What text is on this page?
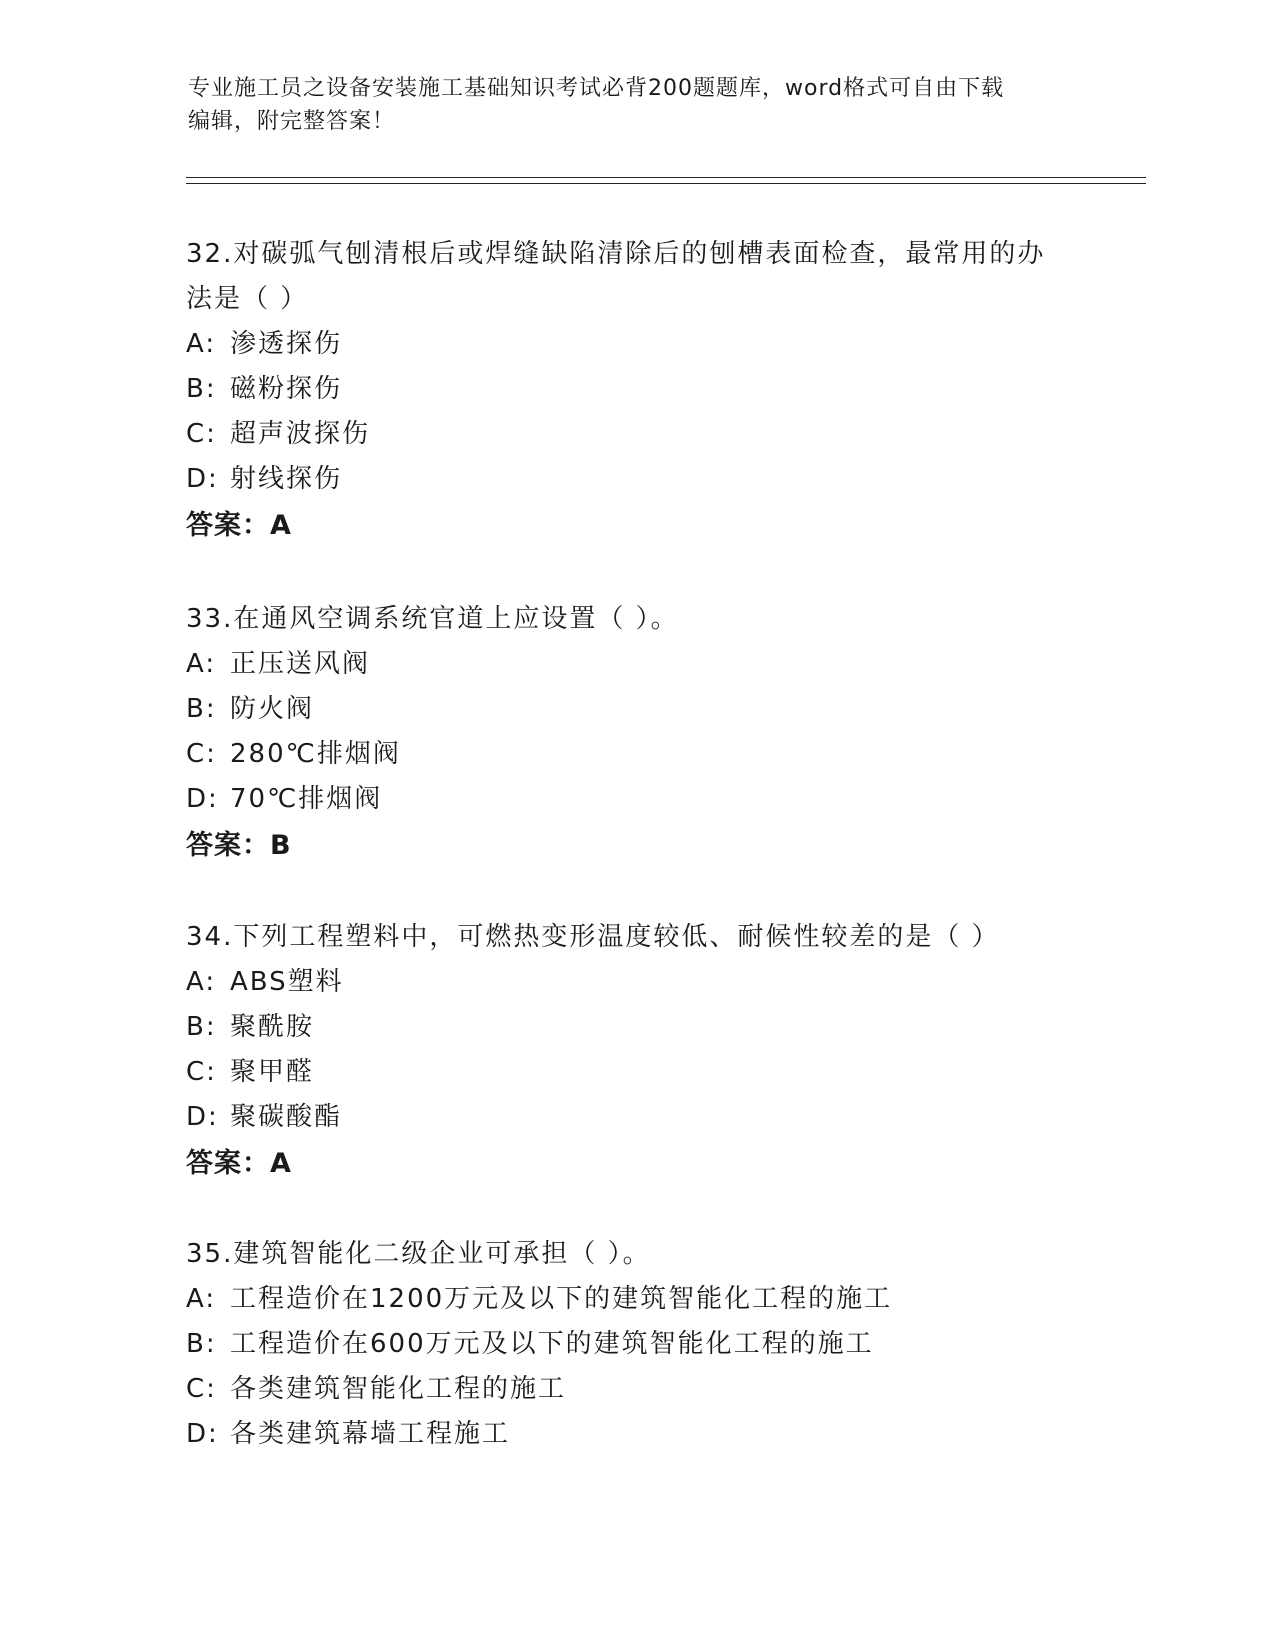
专业施工员之设备安装施工基础知识考试必背200题题库，word格式可自由下载
编辑，附完整答案！

32.对碳弧气刨清根后或焊缝缺陷清除后的刨槽表面检查，最常用的办

法是（ ）

A: 渗透探伤

B: 磁粉探伤

C: 超声波探伤

D: 射线探伤

答案：A

33.在通风空调系统官道上应设置（ ）。

A: 正压送风阀

B: 防火阀

C: 280℃排烟阀

D: 70℃排烟阀

答案：B

34.下列工程塑料中，可燃热变形温度较低、耐候性较差的是（ ）

A: ABS塑料

B: 聚酰胺

C: 聚甲醛

D: 聚碳酸酯

答案：A

35.建筑智能化二级企业可承担（ ）。

A: 工程造价在1200万元及以下的建筑智能化工程的施工

B: 工程造价在600万元及以下的建筑智能化工程的施工

C: 各类建筑智能化工程的施工

D: 各类建筑幕墙工程施工
